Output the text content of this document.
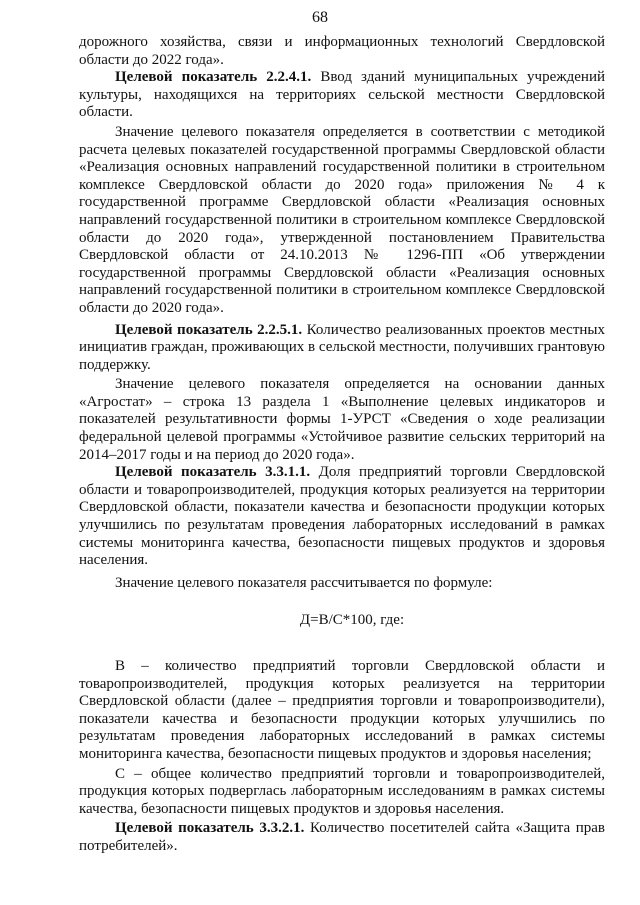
68

дорожного хозяйства, связи и информационных технологий Свердловской области до 2022 года».

Целевой показатель 2.2.4.1. Ввод зданий муниципальных учреждений культуры, находящихся на территориях сельской местности Свердловской области.

Значение целевого показателя определяется в соответствии с методикой расчета целевых показателей государственной программы Свердловской области «Реализация основных направлений государственной политики в строительном комплексе Свердловской области до 2020 года» приложения № 4 к государственной программе Свердловской области «Реализация основных направлений государственной политики в строительном комплексе Свердловской области до 2020 года», утвержденной постановлением Правительства Свердловской области от 24.10.2013 № 1296-ПП «Об утверждении государственной программы Свердловской области «Реализация основных направлений государственной политики в строительном комплексе Свердловской области до 2020 года».

Целевой показатель 2.2.5.1. Количество реализованных проектов местных инициатив граждан, проживающих в сельской местности, получивших грантовую поддержку.

Значение целевого показателя определяется на основании данных «Агростат» – строка 13 раздела 1 «Выполнение целевых индикаторов и показателей результативности формы 1-УРСТ «Сведения о ходе реализации федеральной целевой программы «Устойчивое развитие сельских территорий на 2014–2017 годы и на период до 2020 года».

Целевой показатель 3.3.1.1. Доля предприятий торговли Свердловской области и товаропроизводителей, продукция которых реализуется на территории Свердловской области, показатели качества и безопасности продукции которых улучшились по результатам проведения лабораторных исследований в рамках системы мониторинга качества, безопасности пищевых продуктов и здоровья населения.

Значение целевого показателя рассчитывается по формуле:

Д=В/С*100, где:

В – количество предприятий торговли Свердловской области и товаропроизводителей, продукция которых реализуется на территории Свердловской области (далее – предприятия торговли и товаропроизводители), показатели качества и безопасности продукции которых улучшились по результатам проведения лабораторных исследований в рамках системы мониторинга качества, безопасности пищевых продуктов и здоровья населения;

С – общее количество предприятий торговли и товаропроизводителей, продукция которых подверглась лабораторным исследованиям в рамках системы качества, безопасности пищевых продуктов и здоровья населения.

Целевой показатель 3.3.2.1. Количество посетителей сайта «Защита прав потребителей».
